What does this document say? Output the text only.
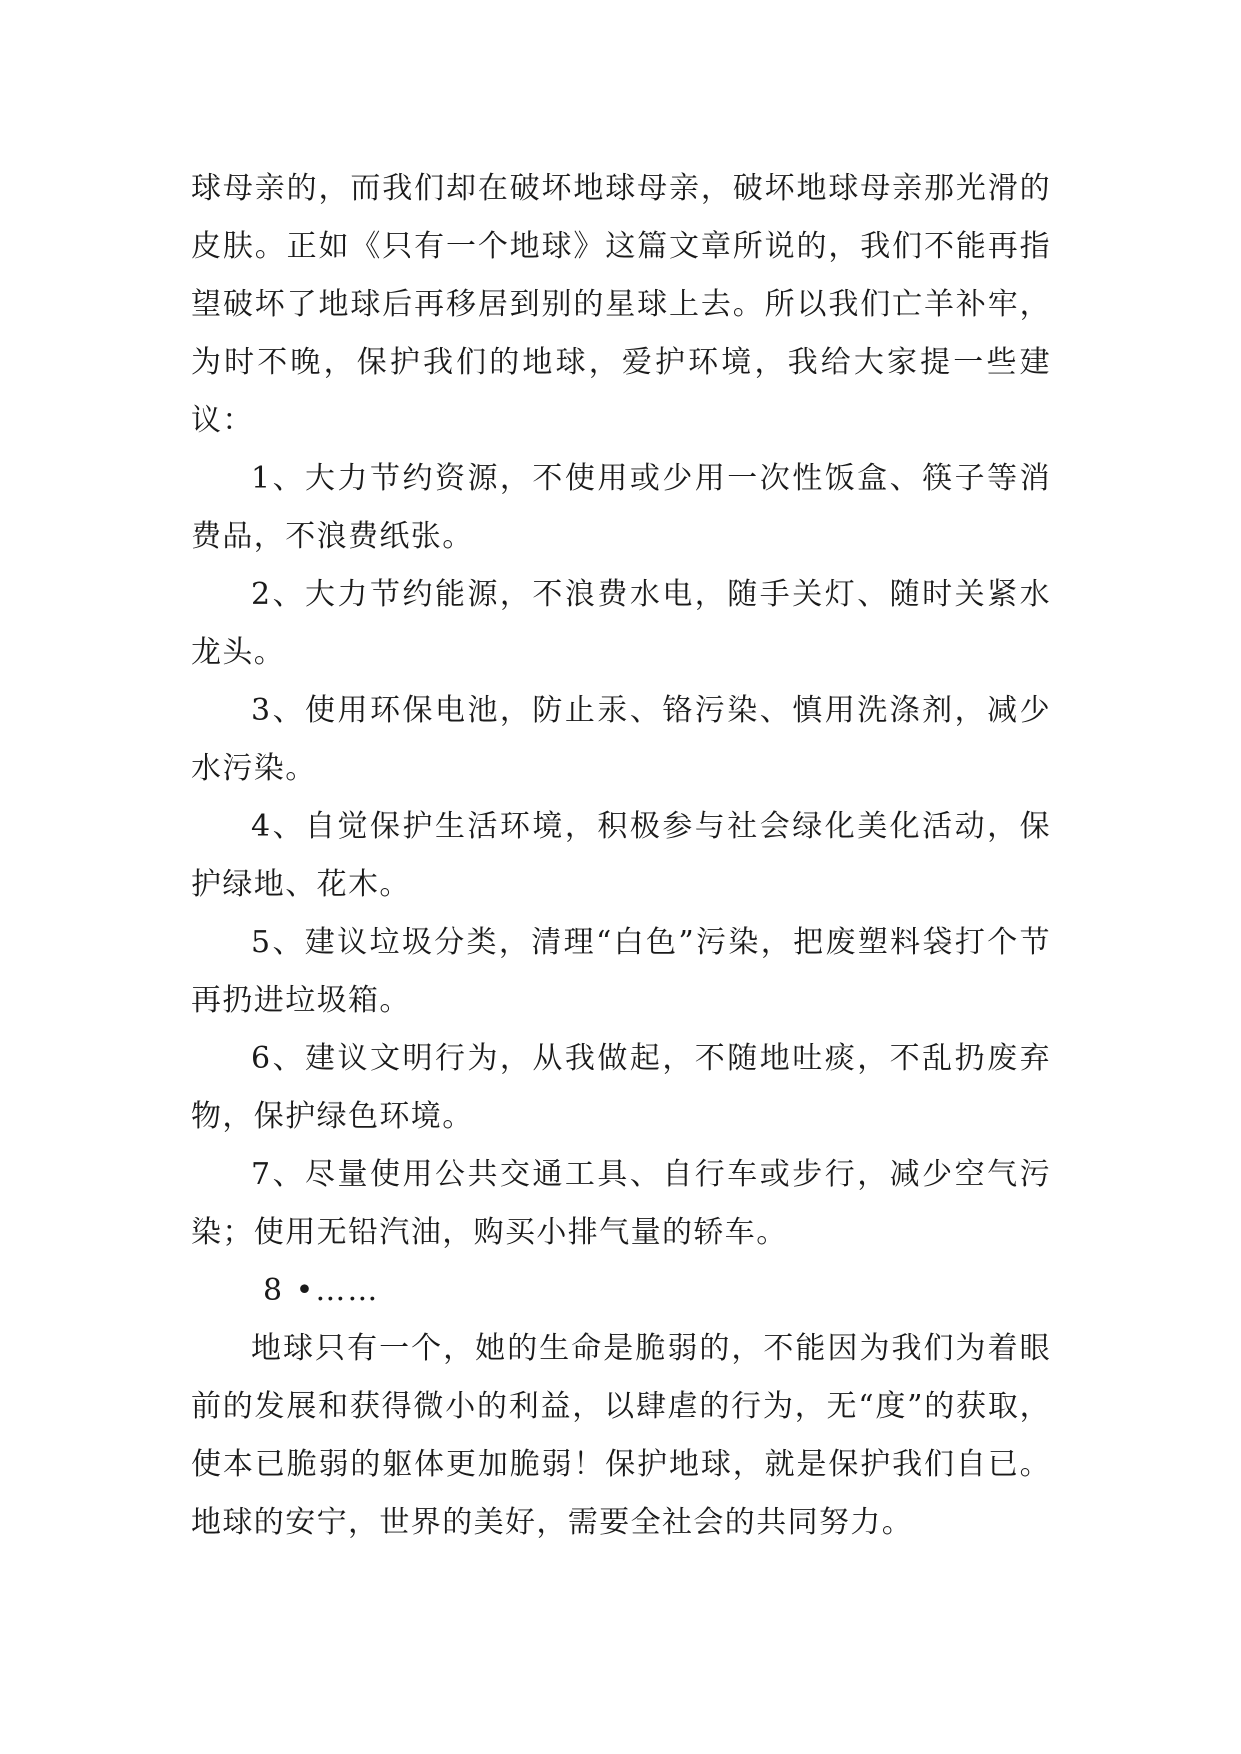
球母亲的，而我们却在破坏地球母亲，破坏地球母亲那光滑的皮肤。正如《只有一个地球》这篇文章所说的，我们不能再指望破坏了地球后再移居到别的星球上去。所以我们亡羊补牢，为时不晚，保护我们的地球，爱护环境，我给大家提一些建议：

1、大力节约资源，不使用或少用一次性饭盒、筷子等消费品，不浪费纸张。

2、大力节约能源，不浪费水电，随手关灯、随时关紧水龙头。

3、使用环保电池，防止汞、铬污染、慎用洗涤剂，减少水污染。

4、自觉保护生活环境，积极参与社会绿化美化活动，保护绿地、花木。

5、建议垃圾分类，清理“白色”污染，把废塑料袋打个节再扔进垃圾箱。

6、建议文明行为，从我做起，不随地吐痰，不乱扔废弃物，保护绿色环境。

7、尽量使用公共交通工具、自行车或步行，减少空气污染；使用无铅汽油，购买小排气量的轿车。

8 •……

地球只有一个，她的生命是脆弱的，不能因为我们为着眼前的发展和获得微小的利益，以肆虐的行为，无“度”的获取，使本已脆弱的躯体更加脆弱！保护地球，就是保护我们自已。地球的安宁，世界的美好，需要全社会的共同努力。
